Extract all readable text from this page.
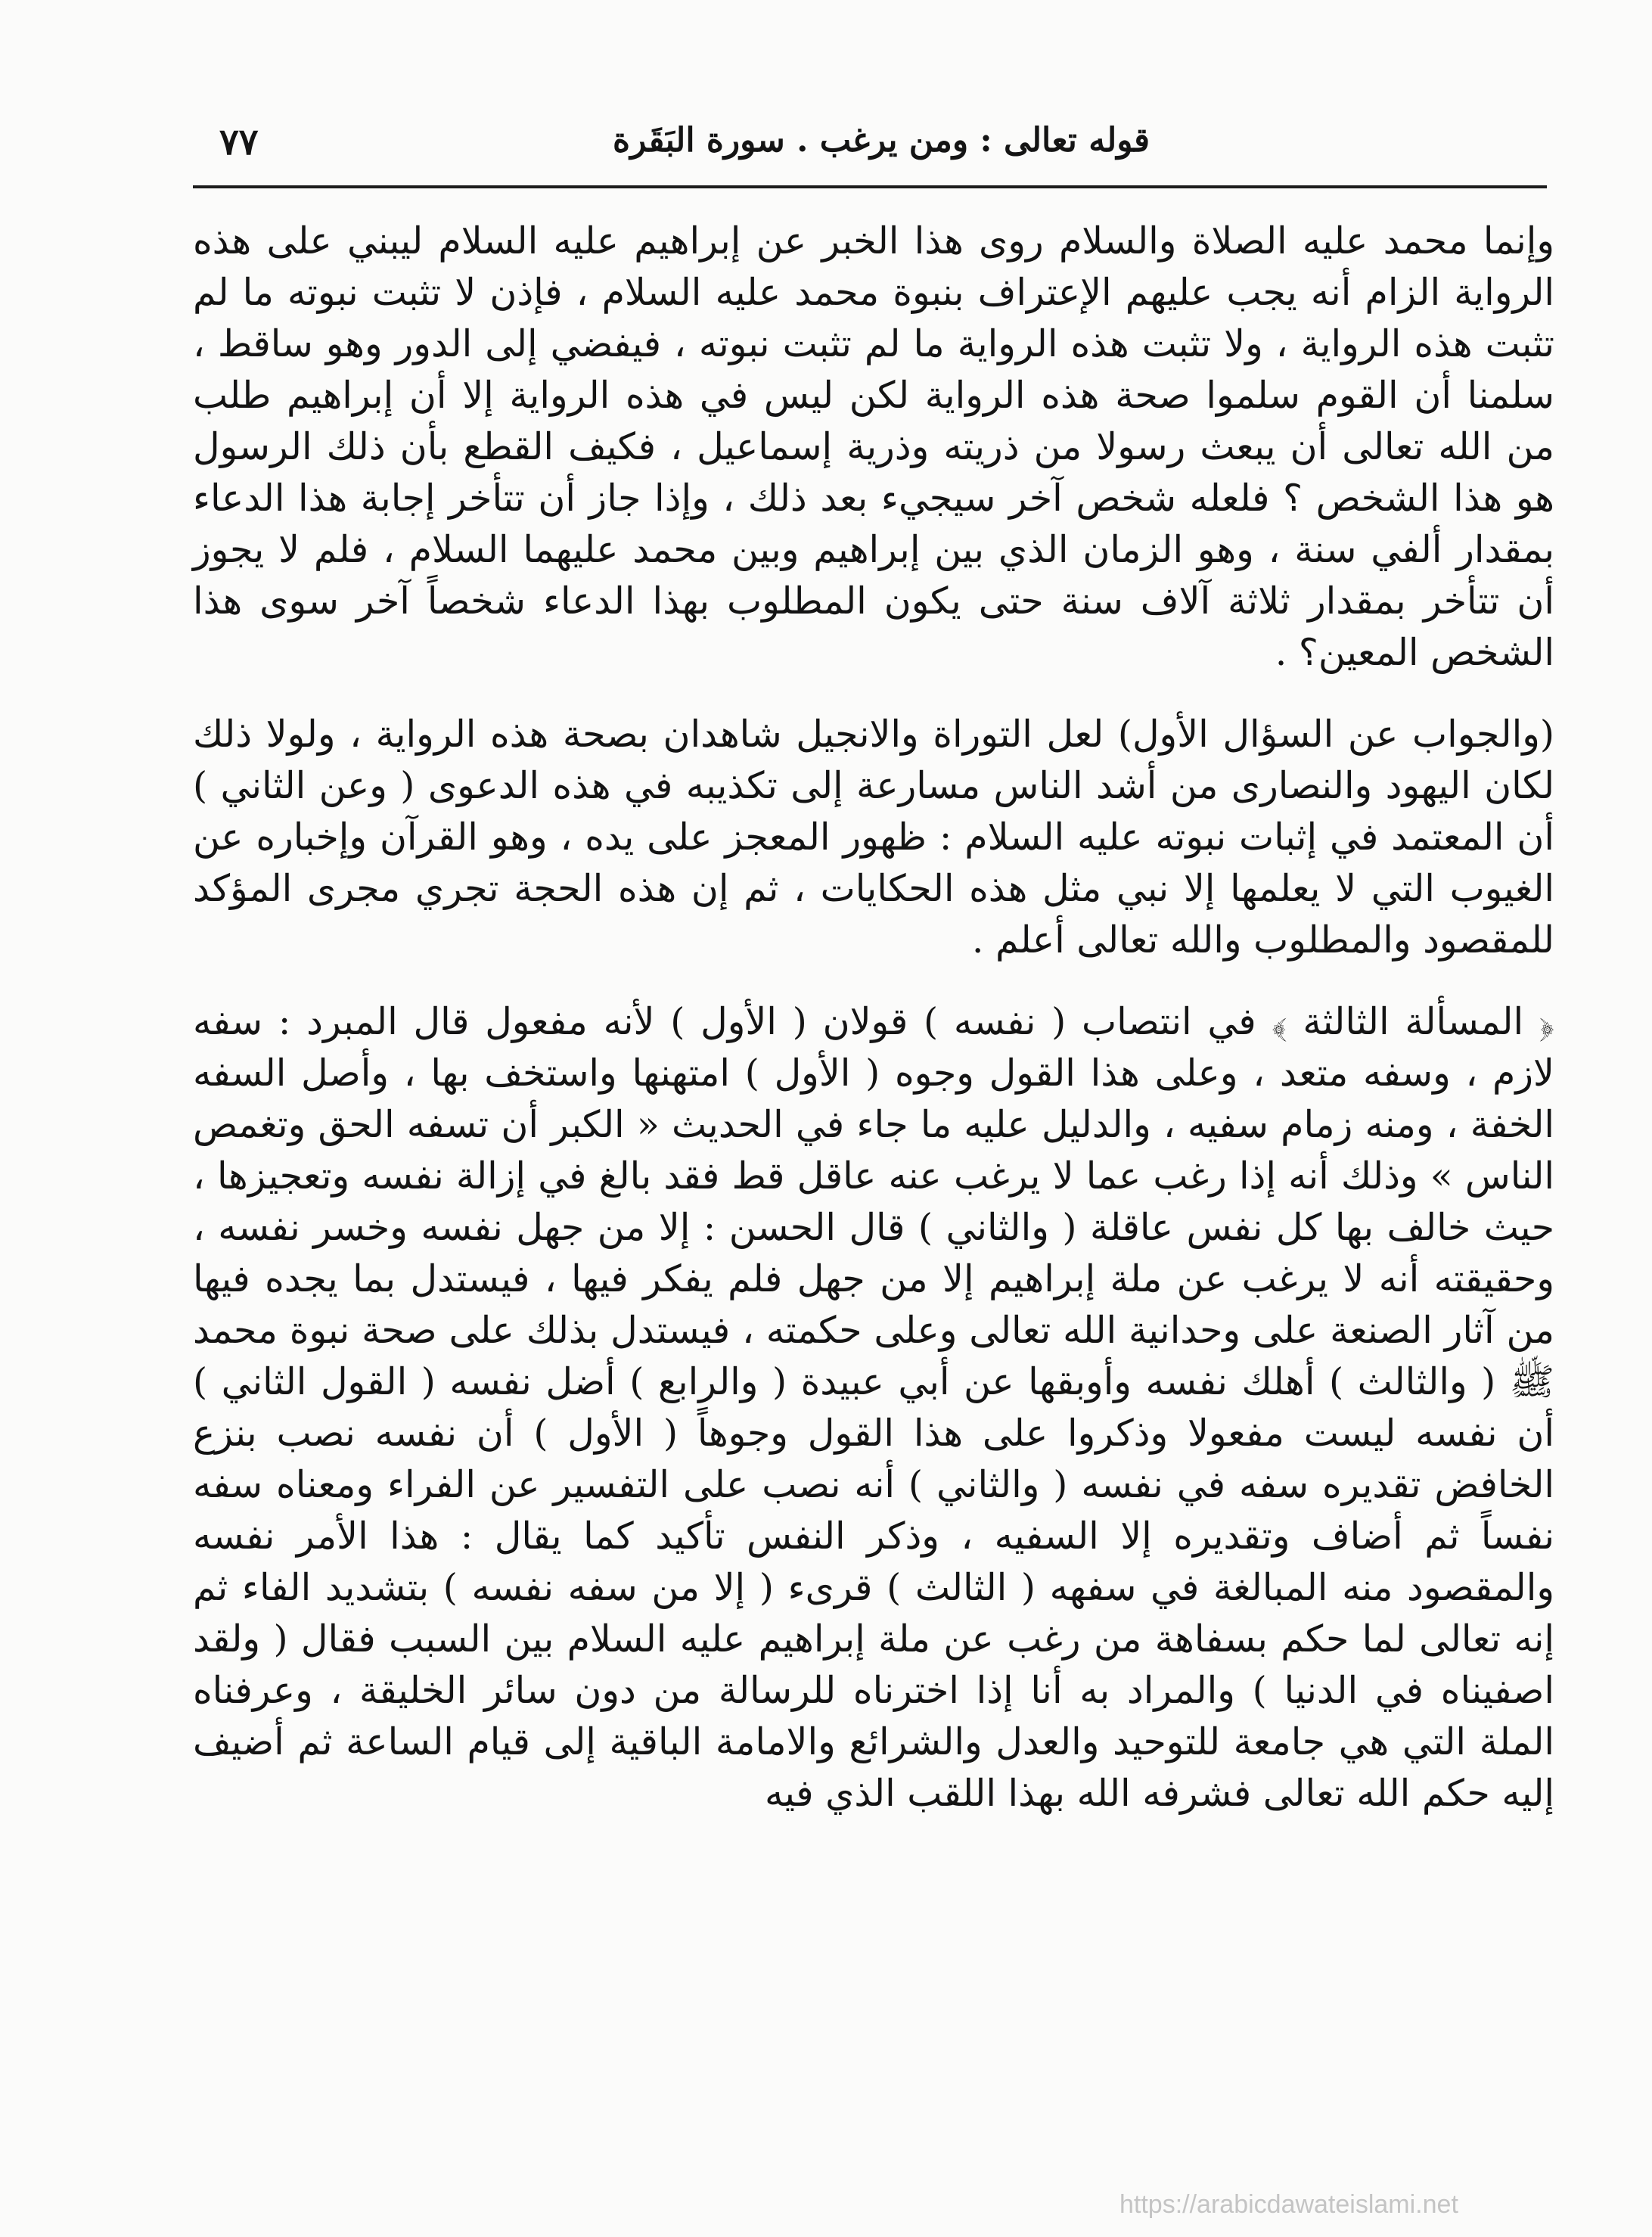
قوله تعالى : ومن يرغب . سورة البَقَرة
٧٧

وإنما محمد عليه الصلاة والسلام روى هذا الخبر عن إبراهيم عليه السلام ليبني على هذه الرواية الزام أنه يجب عليهم الإعتراف بنبوة محمد عليه السلام ، فإذن لا تثبت نبوته ما لم تثبت هذه الرواية ، ولا تثبت هذه الرواية ما لم تثبت نبوته ، فيفضي إلى الدور وهو ساقط ، سلمنا أن القوم سلموا صحة هذه الرواية لكن ليس في هذه الرواية إلا أن إبراهيم طلب من الله تعالى أن يبعث رسولا من ذريته وذرية إسماعيل ، فكيف القطع بأن ذلك الرسول هو هذا الشخص ؟ فلعله شخص آخر سيجيء بعد ذلك ، وإذا جاز أن تتأخر إجابة هذا الدعاء بمقدار ألفي سنة ، وهو الزمان الذي بين إبراهيم وبين محمد عليهما السلام ، فلم لا يجوز أن تتأخر بمقدار ثلاثة آلاف سنة حتى يكون المطلوب بهذا الدعاء شخصاً آخر سوى هذا الشخص المعين؟ .

(والجواب عن السؤال الأول) لعل التوراة والانجيل شاهدان بصحة هذه الرواية ، ولولا ذلك لكان اليهود والنصارى من أشد الناس مسارعة إلى تكذيبه في هذه الدعوى ( وعن الثاني ) أن المعتمد في إثبات نبوته عليه السلام : ظهور المعجز على يده ، وهو القرآن وإخباره عن الغيوب التي لا يعلمها إلا نبي مثل هذه الحكايات ، ثم إن هذه الحجة تجري مجرى المؤكد للمقصود والمطلوب والله تعالى أعلم .

﴿ المسألة الثالثة ﴾ في انتصاب ( نفسه ) قولان ( الأول ) لأنه مفعول قال المبرد : سفه لازم ، وسفه متعد ، وعلى هذا القول وجوه ( الأول ) امتهنها واستخف بها ، وأصل السفه الخفة ، ومنه زمام سفيه ، والدليل عليه ما جاء في الحديث « الكبر أن تسفه الحق وتغمص الناس » وذلك أنه إذا رغب عما لا يرغب عنه عاقل قط فقد بالغ في إزالة نفسه وتعجيزها ، حيث خالف بها كل نفس عاقلة ( والثاني ) قال الحسن : إلا من جهل نفسه وخسر نفسه ، وحقيقته أنه لا يرغب عن ملة إبراهيم إلا من جهل فلم يفكر فيها ، فيستدل بما يجده فيها من آثار الصنعة على وحدانية الله تعالى وعلى حكمته ، فيستدل بذلك على صحة نبوة محمد ﷺ ( والثالث ) أهلك نفسه وأوبقها عن أبي عبيدة ( والرابع ) أضل نفسه ( القول الثاني ) أن نفسه ليست مفعولا وذكروا على هذا القول وجوهاً ( الأول ) أن نفسه نصب بنزع الخافض تقديره سفه في نفسه ( والثاني ) أنه نصب على التفسير عن الفراء ومعناه سفه نفساً ثم أضاف وتقديره إلا السفيه ، وذكر النفس تأكيد كما يقال : هذا الأمر نفسه والمقصود منه المبالغة في سفهه ( الثالث ) قرىء ( إلا من سفه نفسه ) بتشديد الفاء ثم إنه تعالى لما حكم بسفاهة من رغب عن ملة إبراهيم عليه السلام بين السبب فقال ( ولقد اصفيناه في الدنيا ) والمراد به أنا إذا اخترناه للرسالة من دون سائر الخليقة ، وعرفناه الملة التي هي جامعة للتوحيد والعدل والشرائع والامامة الباقية إلى قيام الساعة ثم أضيف إليه حكم الله تعالى فشرفه الله بهذا اللقب الذي فيه

https://arabicdawateislami.net
